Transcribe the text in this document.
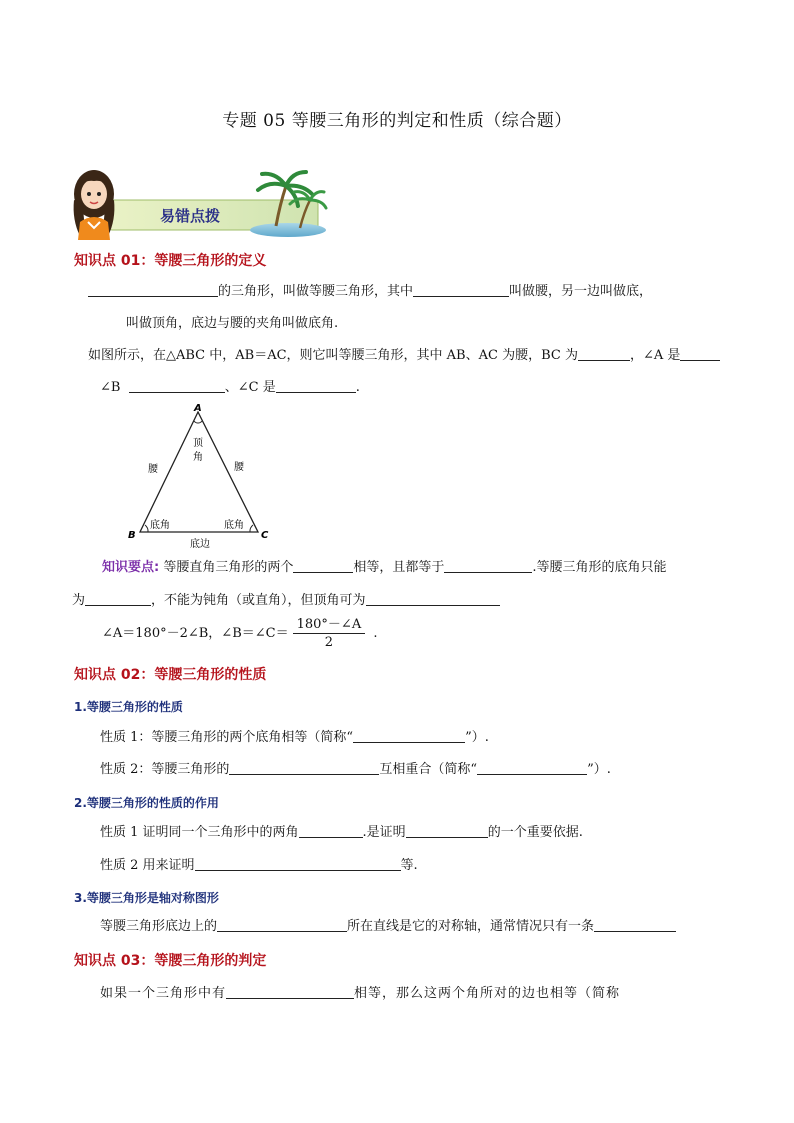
专题 05 等腰三角形的判定和性质（综合题）
易错点拨
知识点 01：等腰三角形的定义
的三角形，叫做等腰三角形，其中	叫做腰，另一边叫做底，
叫做顶角，底边与腰的夹角叫做底角.
如图所示，在△ABC 中，AB＝AC，则它叫等腰三角形，其中 AB、AC 为腰，BC 为	，∠A 是
∠B	、∠C 是	.
A
B	C
顶
角
腰	腰
底角	底角
底边
知识要点: 等腰直角三角形的两个	相等，且都等于	.等腰三角形的底角只能
为	，不能为钝角（或直角），但顶角可为
∠A＝180°－2∠B，∠B＝∠C＝ $\frac{180^\circ-\angle A}{2}$ .
知识点 02：等腰三角形的性质
1.等腰三角形的性质
性质 1：等腰三角形的两个底角相等（简称“	”）.
性质 2：等腰三角形的	互相重合（简称“	”）.
2.等腰三角形的性质的作用
性质 1 证明同一个三角形中的两角	.是证明	的一个重要依据.
性质 2 用来证明	等.
3.等腰三角形是轴对称图形
等腰三角形底边上的	所在直线是它的对称轴，通常情况只有一条
知识点 03：等腰三角形的判定
如果一个三角形中有	相等，那么这两个角所对的边也相等（简称
